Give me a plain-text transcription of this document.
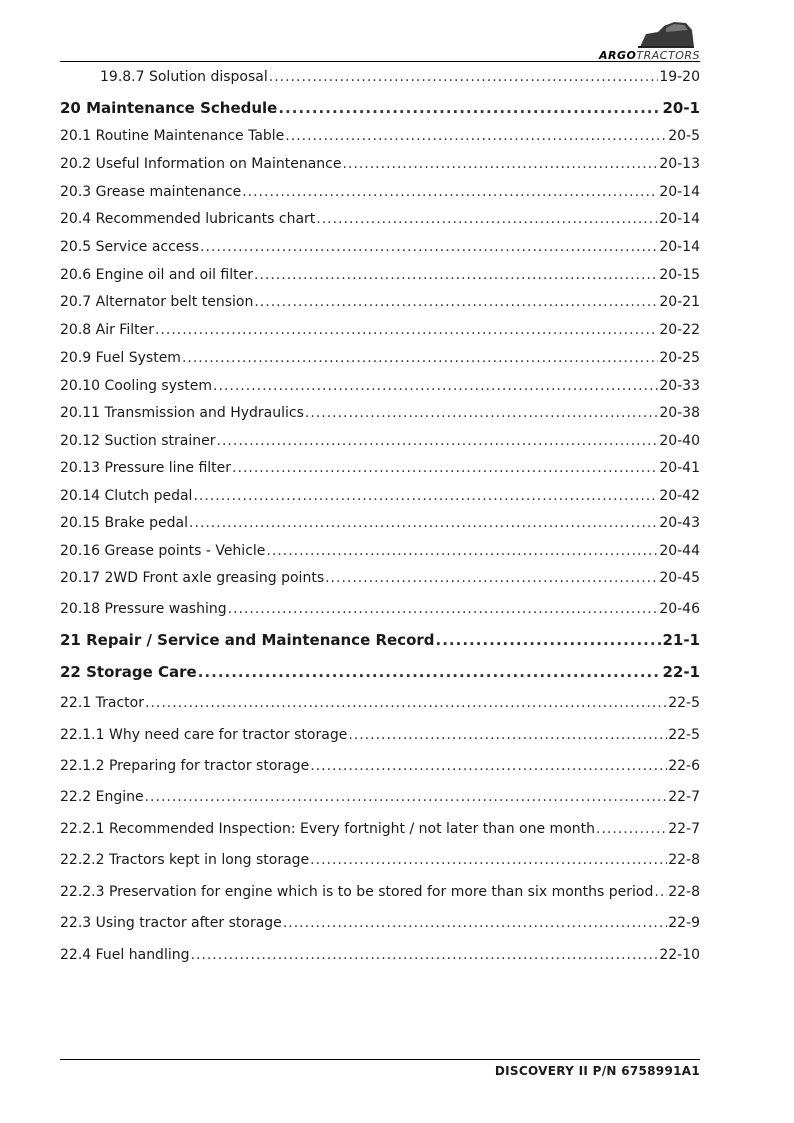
ARGOTRACTORS
19.8.7 Solution disposal .....	19-20
20 Maintenance Schedule .....	20-1
20.1 Routine Maintenance Table .....	20-5
20.2 Useful Information on Maintenance .....	20-13
20.3 Grease maintenance .....	20-14
20.4 Recommended lubricants chart .....	20-14
20.5 Service access .....	20-14
20.6 Engine oil and oil filter .....	20-15
20.7 Alternator belt tension .....	20-21
20.8 Air Filter .....	20-22
20.9 Fuel System .....	20-25
20.10 Cooling system .....	20-33
20.11 Transmission and Hydraulics .....	20-38
20.12 Suction strainer .....	20-40
20.13 Pressure line filter .....	20-41
20.14 Clutch pedal .....	20-42
20.15 Brake pedal .....	20-43
20.16 Grease points - Vehicle .....	20-44
20.17 2WD Front axle greasing points .....	20-45
20.18 Pressure washing .....	20-46
21 Repair / Service and Maintenance Record .....	21-1
22 Storage Care .....	22-1
22.1 Tractor .....	22-5
22.1.1 Why need care for tractor storage .....	22-5
22.1.2 Preparing for tractor storage .....	22-6
22.2 Engine .....	22-7
22.2.1 Recommended Inspection: Every fortnight / not later than one month .....	22-7
22.2.2 Tractors kept in long storage .....	22-8
22.2.3 Preservation for engine which is to be stored for more than six months period ..... 22-8
22.3 Using tractor after storage .....	22-9
22.4 Fuel handling .....	22-10
DISCOVERY II P/N 6758991A1
